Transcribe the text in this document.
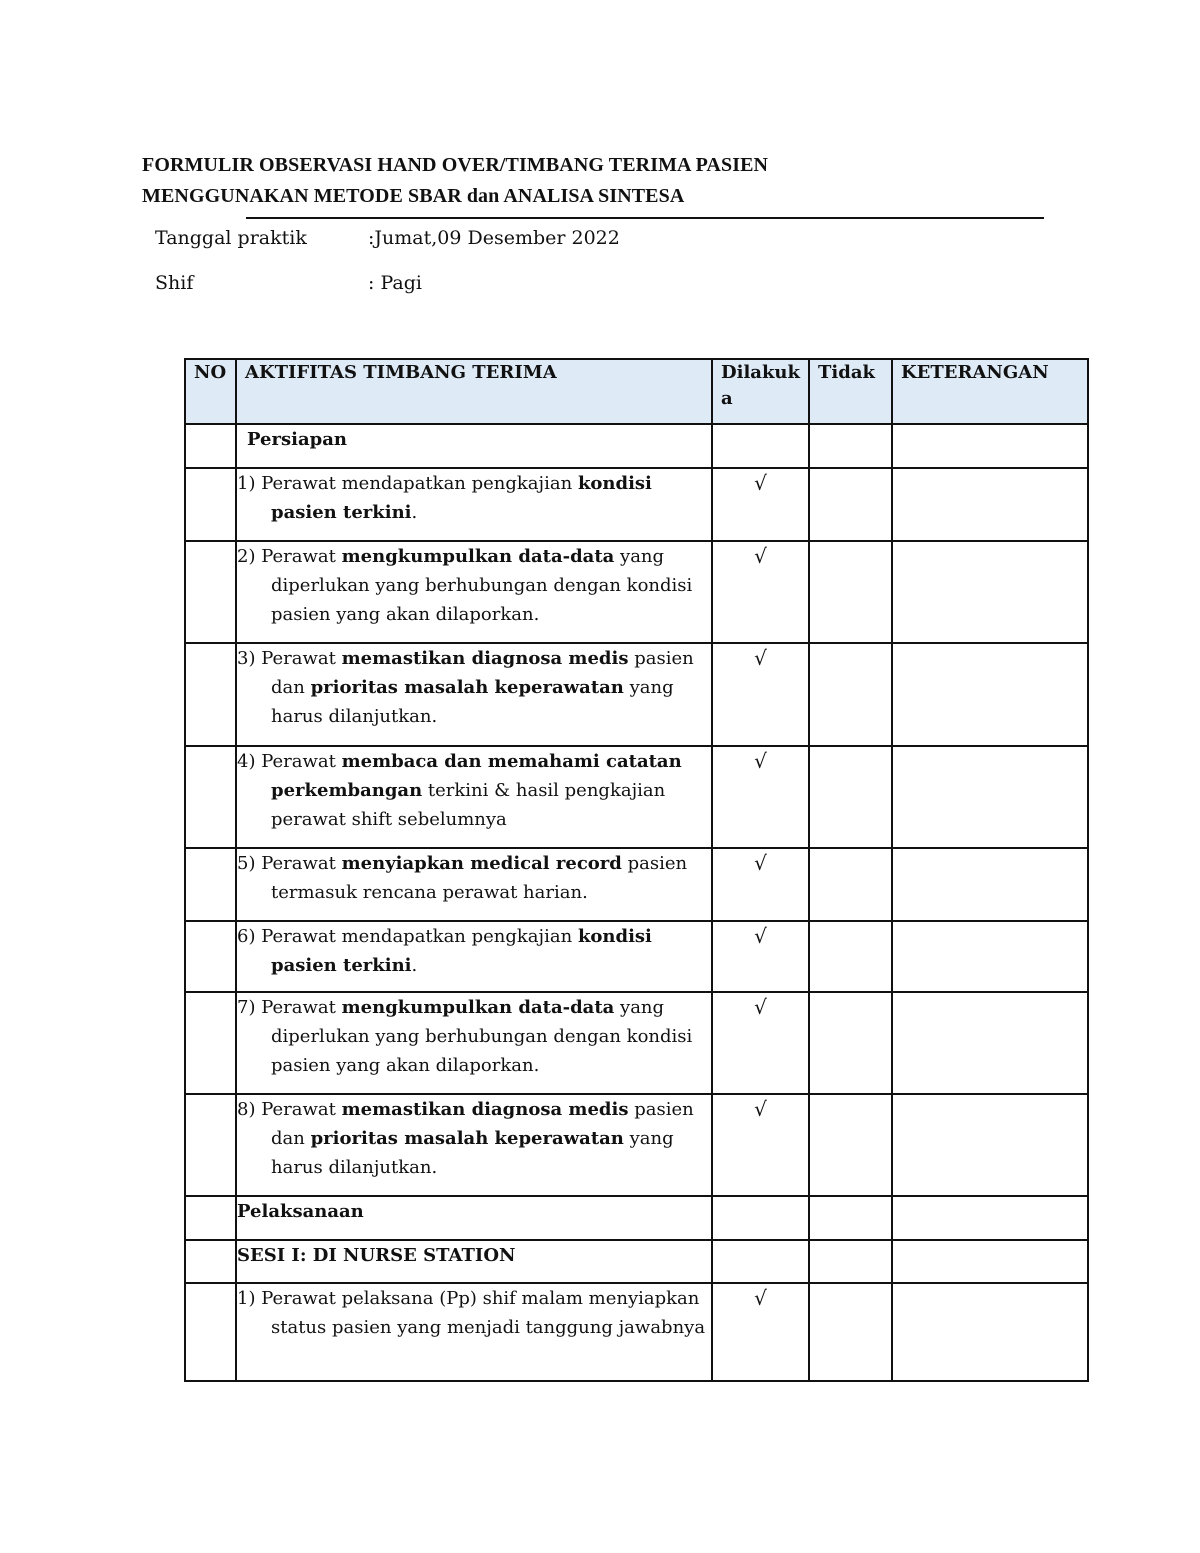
FORMULIR OBSERVASI HAND OVER/TIMBANG TERIMA PASIEN
MENGGUNAKAN METODE SBAR dan ANALISA SINTESA
Tanggal praktik	:Jumat,09 Desember 2022
Shif	: Pagi
NO	AKTIFITAS TIMBANG TERIMA	Dilakuk a	Tidak	KETERANGAN
	Persiapan			

	1) Perawat mendapatkan pengkajian kondisi pasien terkini.	√		

	2) Perawat mengkumpulkan data-data yang diperlukan yang berhubungan dengan kondisi pasien yang akan dilaporkan.	√		

	3) Perawat memastikan diagnosa medis pasien dan prioritas masalah keperawatan yang harus dilanjutkan.	√		

	4) Perawat membaca dan memahami catatan perkembangan terkini & hasil pengkajian perawat shift sebelumnya	√		

	5) Perawat menyiapkan medical record pasien termasuk rencana perawat harian.	√		

	6) Perawat mendapatkan pengkajian kondisi pasien terkini.	√		

	7) Perawat mengkumpulkan data-data yang diperlukan yang berhubungan dengan kondisi pasien yang akan dilaporkan.	√		

	8) Perawat memastikan diagnosa medis pasien dan prioritas masalah keperawatan yang harus dilanjutkan.	√		
	Pelaksanaan			
	SESI I: DI NURSE STATION			

	1) Perawat pelaksana (Pp) shif malam menyiapkan status pasien yang menjadi tanggung jawabnya	√		
